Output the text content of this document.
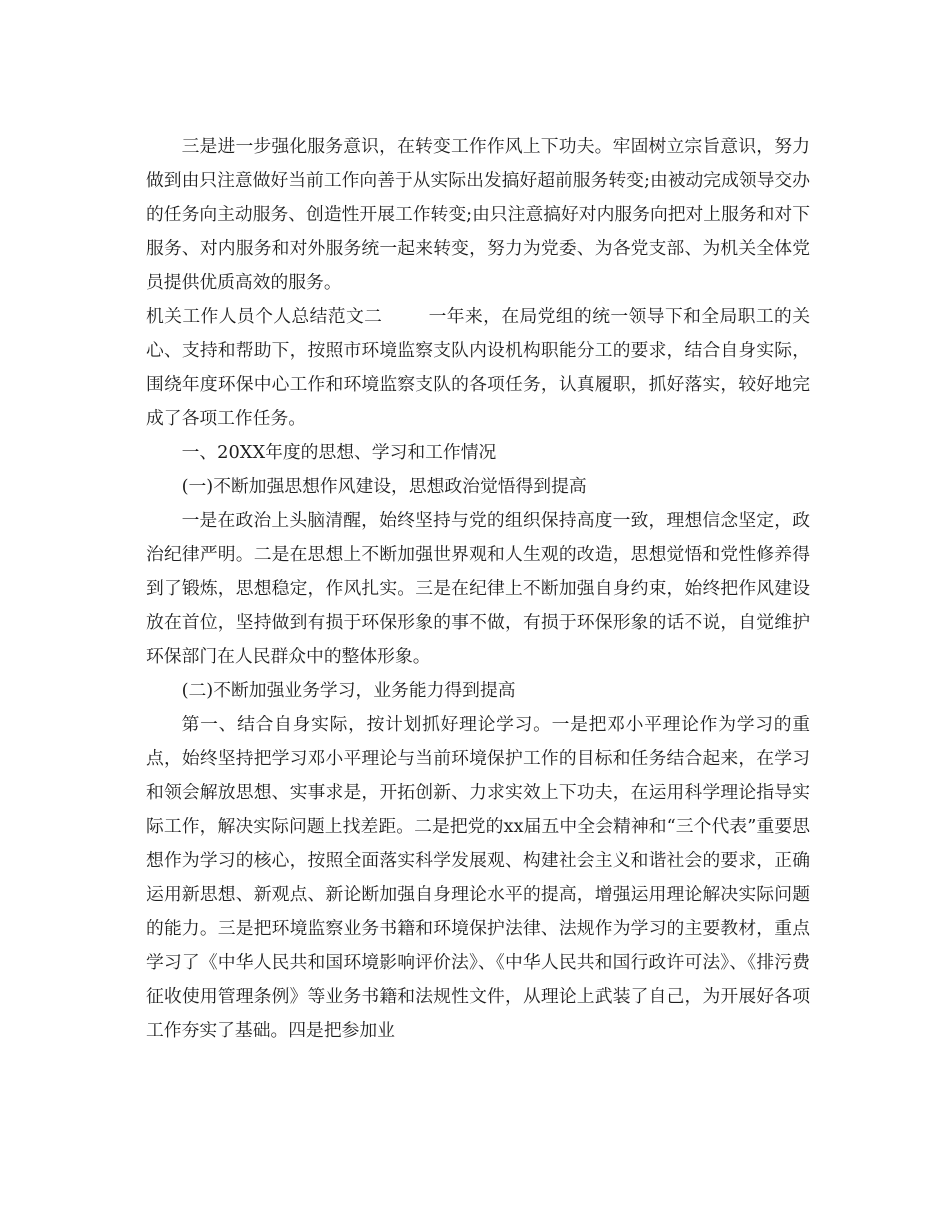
三是进一步强化服务意识，在转变工作作风上下功夫。牢固树立宗旨意识，努力做到由只注意做好当前工作向善于从实际出发搞好超前服务转变;由被动完成领导交办的任务向主动服务、创造性开展工作转变;由只注意搞好对内服务向把对上服务和对下服务、对内服务和对外服务统一起来转变，努力为党委、为各党支部、为机关全体党员提供优质高效的服务。

机关工作人员个人总结范文二	一年来，在局党组的统一领导下和全局职工的关心、支持和帮助下，按照市环境监察支队内设机构职能分工的要求，结合自身实际，围绕年度环保中心工作和环境监察支队的各项任务，认真履职，抓好落实，较好地完成了各项工作任务。

一、20XX年度的思想、学习和工作情况

(一)不断加强思想作风建设，思想政治觉悟得到提高

一是在政治上头脑清醒，始终坚持与党的组织保持高度一致，理想信念坚定，政治纪律严明。二是在思想上不断加强世界观和人生观的改造，思想觉悟和党性修养得到了锻炼，思想稳定，作风扎实。三是在纪律上不断加强自身约束，始终把作风建设放在首位，坚持做到有损于环保形象的事不做，有损于环保形象的话不说，自觉维护环保部门在人民群众中的整体形象。

(二)不断加强业务学习，业务能力得到提高

第一、结合自身实际，按计划抓好理论学习。一是把邓小平理论作为学习的重点，始终坚持把学习邓小平理论与当前环境保护工作的目标和任务结合起来，在学习和领会解放思想、实事求是，开拓创新、力求实效上下功夫，在运用科学理论指导实际工作，解决实际问题上找差距。二是把党的xx届五中全会精神和“三个代表”重要思想作为学习的核心，按照全面落实科学发展观、构建社会主义和谐社会的要求，正确运用新思想、新观点、新论断加强自身理论水平的提高，增强运用理论解决实际问题的能力。三是把环境监察业务书籍和环境保护法律、法规作为学习的主要教材，重点学习了《中华人民共和国环境影响评价法》、《中华人民共和国行政许可法》、《排污费征收使用管理条例》等业务书籍和法规性文件，从理论上武装了自己，为开展好各项工作夯实了基础。四是把参加业
